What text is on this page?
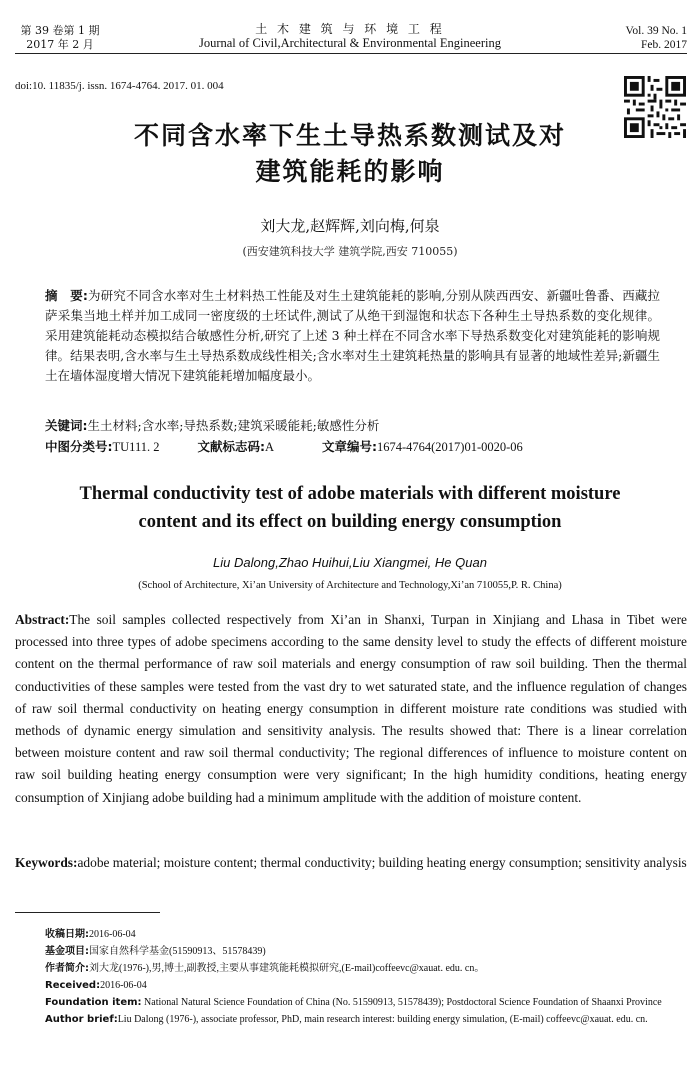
第 39 卷第 1 期
2017 年 2 月
土 木 建 筑 与 环 境 工 程
Journal of Civil,Architectural & Environmental Engineering
Vol. 39 No. 1
Feb. 2017
doi:10. 11835/j. issn. 1674-4764. 2017. 01. 004
不同含水率下生土导热系数测试及对
建筑能耗的影响
刘大龙,赵辉辉,刘向梅,何泉
(西安建筑科技大学 建筑学院,西安 710055)
摘　要:为研究不同含水率对生土材料热工性能及对生土建筑能耗的影响,分别从陕西西安、新疆吐鲁番、西藏拉萨采集当地土样并加工成同一密度级的土坯试件,测试了从绝干到湿饱和状态下各种生土导热系数的变化规律。采用建筑能耗动态模拟结合敏感性分析,研究了上述 3 种土样在不同含水率下导热系数变化对建筑能耗的影响规律。结果表明,含水率与生土导热系数成线性相关;含水率对生土建筑耗热量的影响具有显著的地域性差异;新疆生土在墙体湿度增大情况下建筑能耗增加幅度最小。
关键词:生土材料;含水率;导热系数;建筑采暖能耗;敏感性分析
中图分类号:TU111. 2	文献标志码:A	文章编号:1674-4764(2017)01-0020-06
Thermal conductivity test of adobe materials with different moisture
content and its effect on building energy consumption
Liu Dalong,Zhao Huihui,Liu Xiangmei, He Quan
(School of Architecture, Xi’an University of Architecture and Technology,Xi’an 710055,P. R. China)
Abstract:The soil samples collected respectively from Xi’an in Shanxi, Turpan in Xinjiang and Lhasa in Tibet were processed into three types of adobe specimens according to the same density level to study the effects of different moisture content on the thermal performance of raw soil materials and energy consumption of raw soil building. Then the thermal conductivities of these samples were tested from the vast dry to wet saturated state, and the influence regulation of changes of raw soil thermal conductivity on heating energy consumption in different moisture rate conditions was studied with methods of dynamic energy simulation and sensitivity analysis. The results showed that: There is a linear correlation between moisture content and raw soil thermal conductivity; The regional differences of influence to moisture content on raw soil building heating energy consumption were very significant; In the high humidity conditions, heating energy consumption of Xinjiang adobe building had a minimum amplitude with the addition of moisture content.
Keywords:adobe material; moisture content; thermal conductivity; building heating energy consumption; sensitivity analysis
收稿日期:2016-06-04
基金项目:国家自然科学基金(51590913、51578439)
作者简介:刘大龙(1976-),男,博士,副教授,主要从事建筑能耗模拟研究,(E-mail)coffeevc@xauat. edu. cn。
Received:2016-06-04
Foundation item: National Natural Science Foundation of China (No. 51590913, 51578439); Postdoctoral Science Foundation of Shaanxi Province
Author brief:Liu Dalong (1976-), associate professor, PhD, main research interest: building energy simulation, (E-mail) coffeevc@xauat. edu. cn.
